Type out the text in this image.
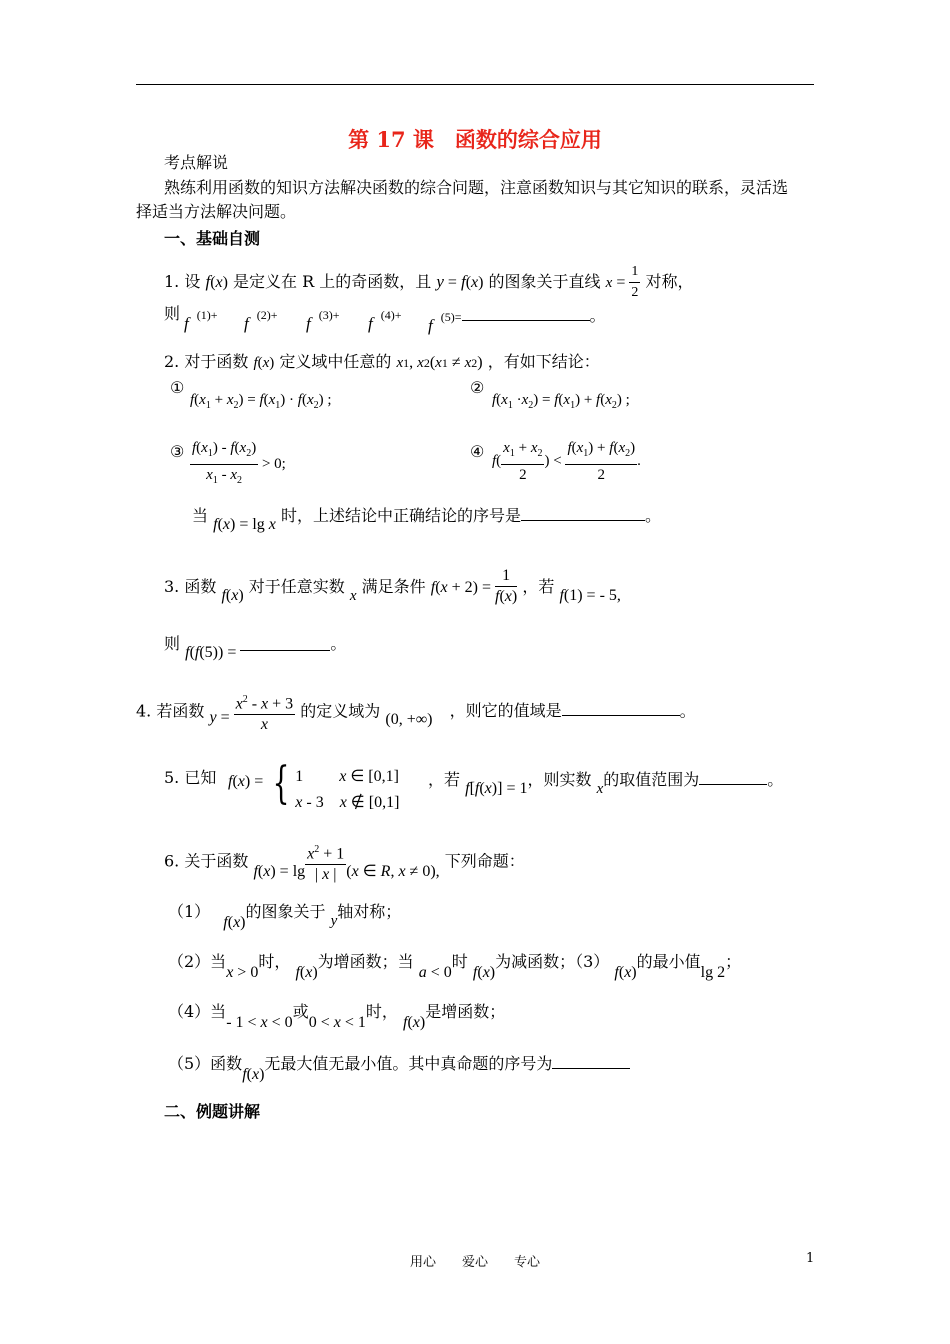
第 17 课　函数的综合应用
考点解说
熟练利用函数的知识方法解决函数的综合问题，注意函数知识与其它知识的联系，灵活选
择适当方法解决问题。
一、基础自测
1. 设 f(x) 是定义在 R 上的奇函数，且 y = f(x) 的图象关于直线 $x = \frac{1}{2}$ 对称，
则
f (1)+ f (2)+ f (3)+ f (4)+
f (5)=	。
2. 对于函数 f(x) 定义域中任意的 x1, x2(x1 ≠ x2) ，有如下结论：
①
$f(x_1 + x_2) = f(x_1) \cdot f(x_2)$ ;
②
$f(x_1 \cdot x_2) = f(x_1) + f(x_2)$ ;
③ $\frac{f(x_1) - f(x_2)}{x_1 - x_2} > 0$;
④ $f( \frac{x_1 + x_2}{2}$ ) < $\frac{f(x_1) + f(x_2)}{2}$ .
当 f(x) = lg x 时，上述结论中正确结论的序号是	。
3. 函数 f(x) 对于任意实数 x 满足条件 $f(x + 2) = \frac{1}{f(x)}$ ，若 f(1) = - 5,
则 f(f(5)) =	。
4. 若函数 $y = \frac{x^2 - x + 3}{x}$ 的定义域为 (0, +∞) ，则它的值域是	。
5. 已知 f(x) = { 1         x ∈ [0,1]
x - 3    x ∉ [0,1]
，若 f[f(x)] = 1，则实数 x的取值范围为	。
6. 关于函数 $f(x) = \lg \frac{x^2 + 1}{| x |} (x$ ∈ R, x ≠ 0), 下列命题：
（1） f(x)的图象关于 y轴对称；
（2）当x > 0时， f(x)为增函数；当 a < 0时 f(x)为减函数；（3） f(x)的最小值lg 2；
（4）当- 1 < x < 0或0 < x < 1时， f(x)是增函数；
（5）函数f(x)无最大值无最小值。其中真命题的序号为
二、例题讲解
用心　　爱心　　专心	1
